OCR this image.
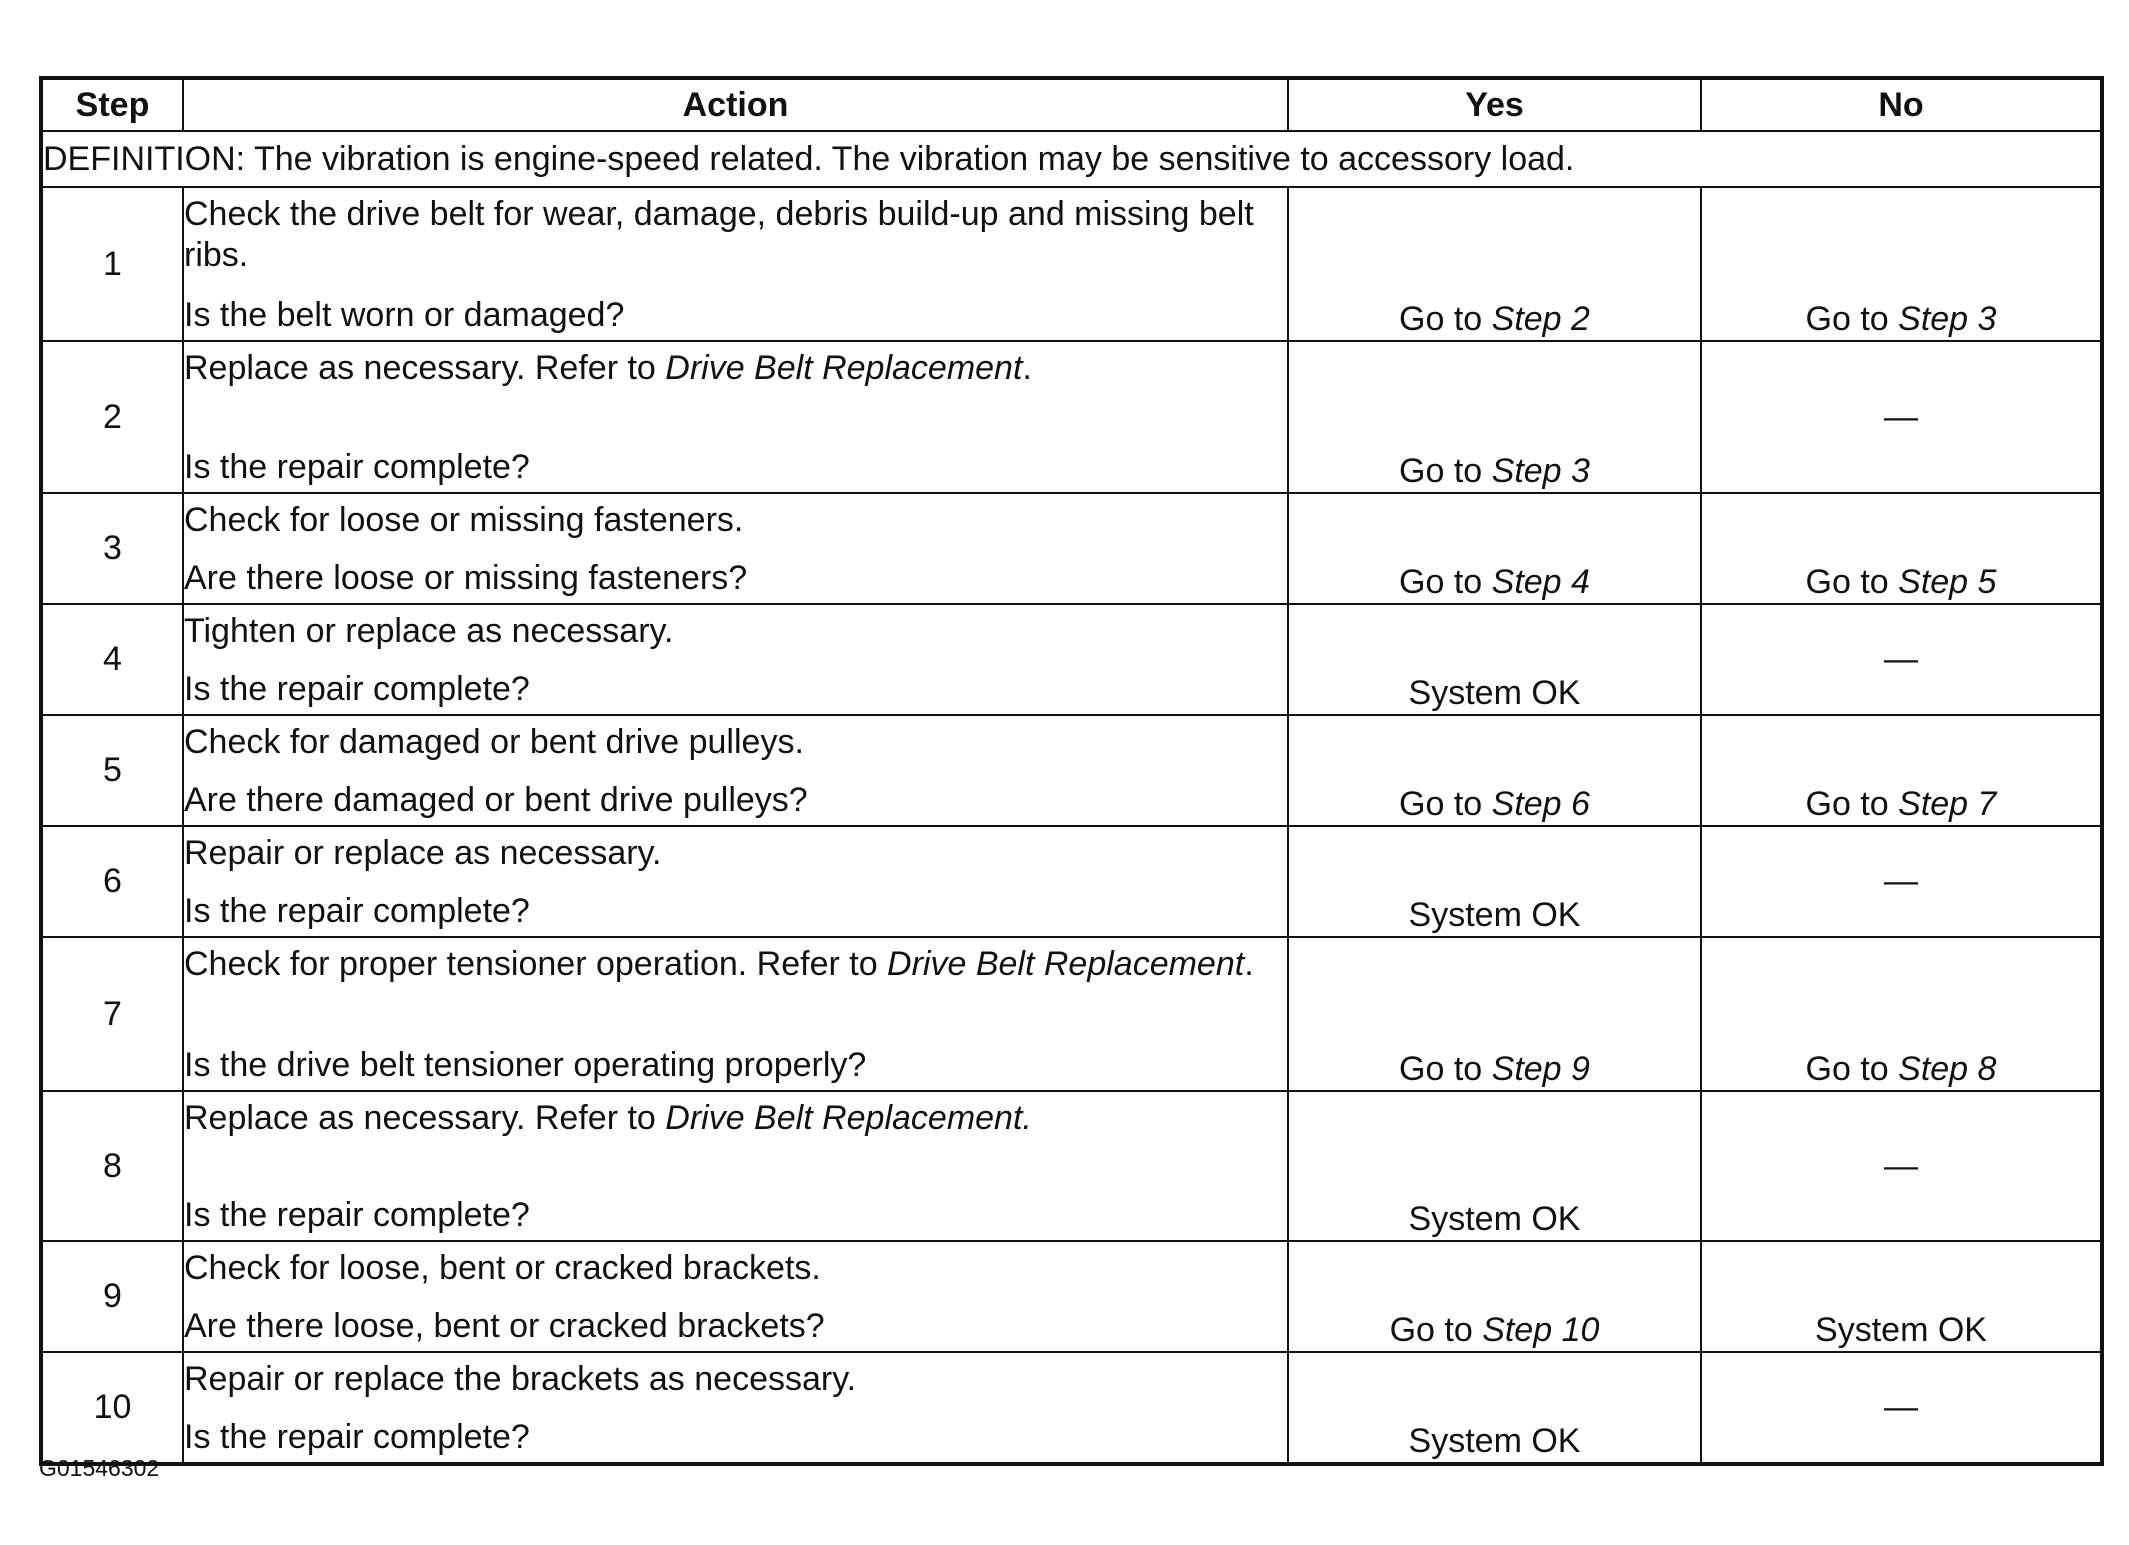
Step	Action	Yes	No
DEFINITION: The vibration is engine-speed related. The vibration may be sensitive to accessory load.			
1	Check the drive belt for wear, damage, debris build-up and missing belt ribs.
Is the belt worn or damaged?	Go to Step 2	Go to Step 3
2	Replace as necessary. Refer to Drive Belt Replacement.
Is the repair complete?	Go to Step 3	—
3	Check for loose or missing fasteners.
Are there loose or missing fasteners?	Go to Step 4	Go to Step 5
4	Tighten or replace as necessary.
Is the repair complete?	System OK	—
5	Check for damaged or bent drive pulleys.
Are there damaged or bent drive pulleys?	Go to Step 6	Go to Step 7
6	Repair or replace as necessary.
Is the repair complete?	System OK	—
7	Check for proper tensioner operation. Refer to Drive Belt Replacement.
Is the drive belt tensioner operating properly?	Go to Step 9	Go to Step 8
8	Replace as necessary. Refer to Drive Belt Replacement.
Is the repair complete?	System OK	—
9	Check for loose, bent or cracked brackets.
Are there loose, bent or cracked brackets?	Go to Step 10	System OK
10	Repair or replace the brackets as necessary.
Is the repair complete?	System OK	—
G01546302
